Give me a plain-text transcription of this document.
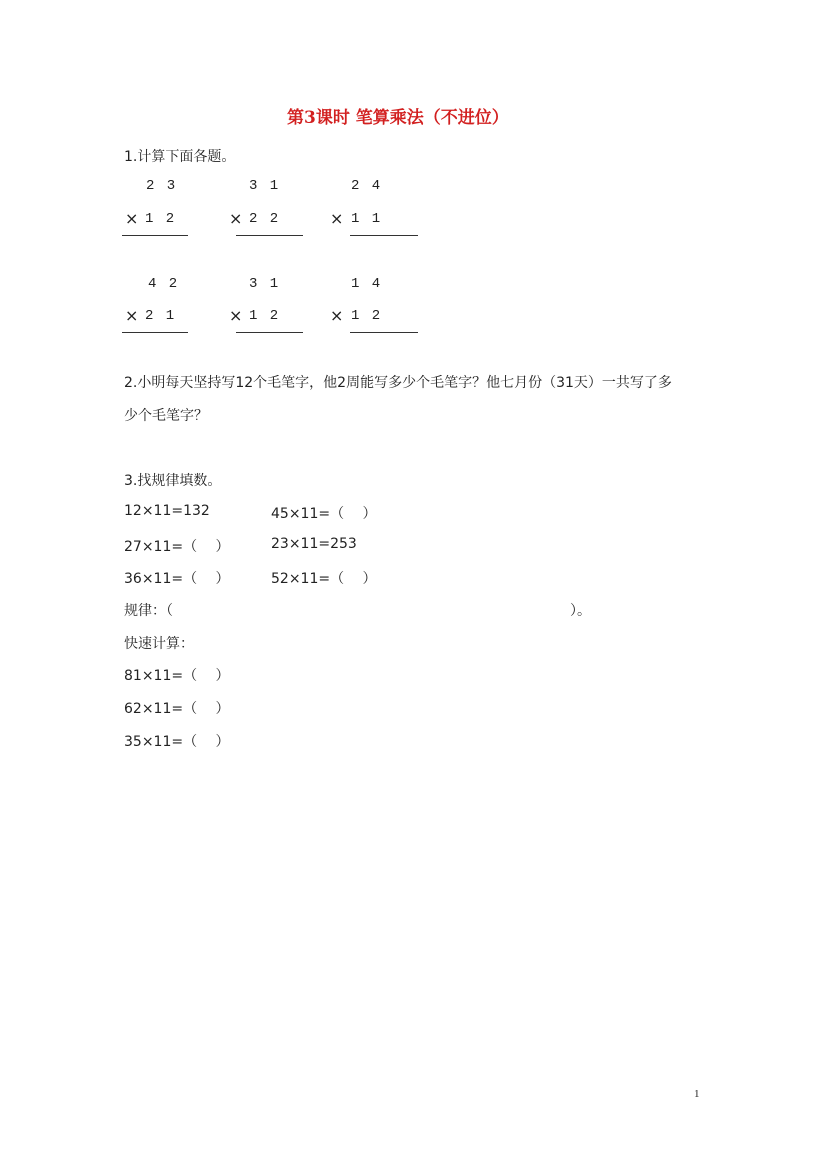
第3课时 笔算乘法（不进位）
1.计算下面各题。
2 3
× 1 2
3 1
× 2 2
2 4
× 1 1
4 2
× 2 1
3 1
× 1 2
1 4
× 1 2
2.小明每天坚持写12个毛笔字，他2周能写多少个毛笔字？他七月份（31天）一共写了多
少个毛笔字？
3.找规律填数。
12×11=132	45×11=（　 ）
27×11=（　 ）	23×11=253
36×11=（　 ）	52×11=（　 ）
规律：（	）。
快速计算：
81×11=（　 ）
62×11=（　 ）
35×11=（　 ）
1
